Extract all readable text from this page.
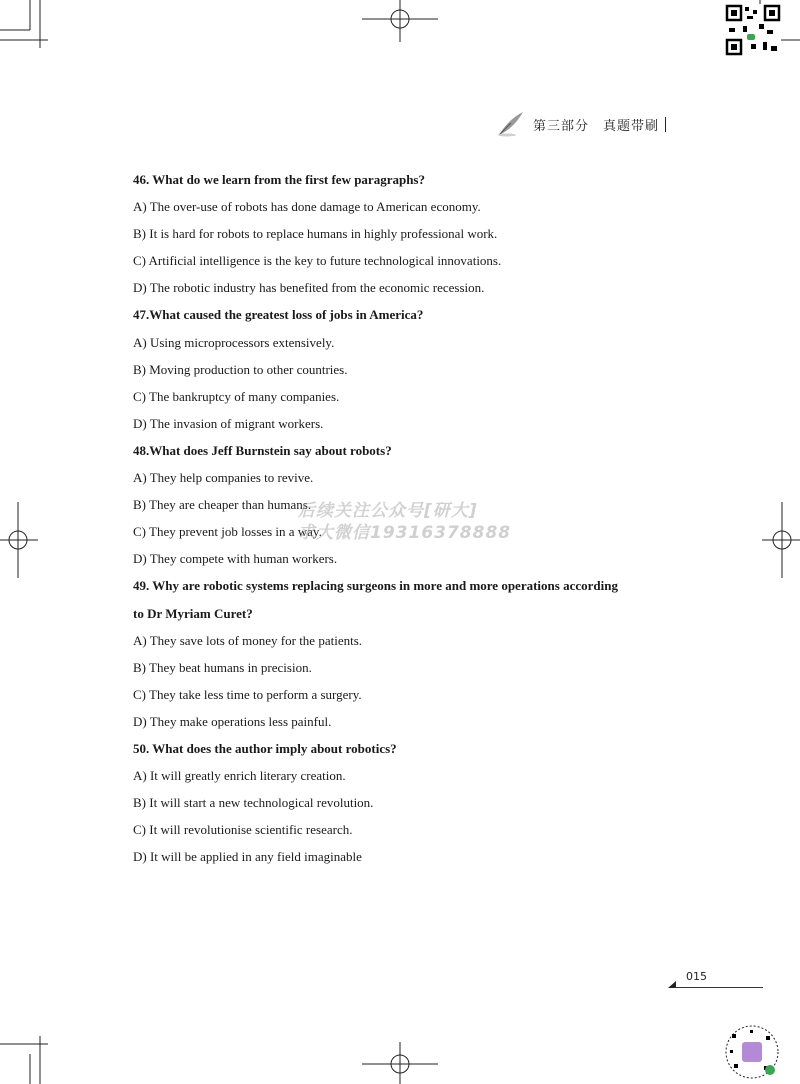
第三部分　真题带刷
46. What do we learn from the first few paragraphs?
A) The over-use of robots has done damage to American economy.
B) It is hard for robots to replace humans in highly professional work.
C) Artificial intelligence is the key to future technological innovations.
D) The robotic industry has benefited from the economic recession.
47.What caused the greatest loss of jobs in America?
A) Using microprocessors extensively.
B) Moving production to other countries.
C) The bankruptcy of many companies.
D) The invasion of migrant workers.
48.What does Jeff Burnstein say about robots?
A) They help companies to revive.
B) They are cheaper than humans.
C) They prevent job losses in a way.
D) They compete with human workers.
49. Why are robotic systems replacing surgeons in more and more operations according
to Dr Myriam Curet?
A) They save lots of money for the patients.
B) They beat humans in precision.
C) They take less time to perform a surgery.
D) They make operations less painful.
50. What does the author imply about robotics?
A) It will greatly enrich literary creation.
B) It will start a new technological revolution.
C) It will revolutionise scientific research.
D) It will be applied in any field imaginable
后续关注公众号[研大]
求大微信19316378888
015
